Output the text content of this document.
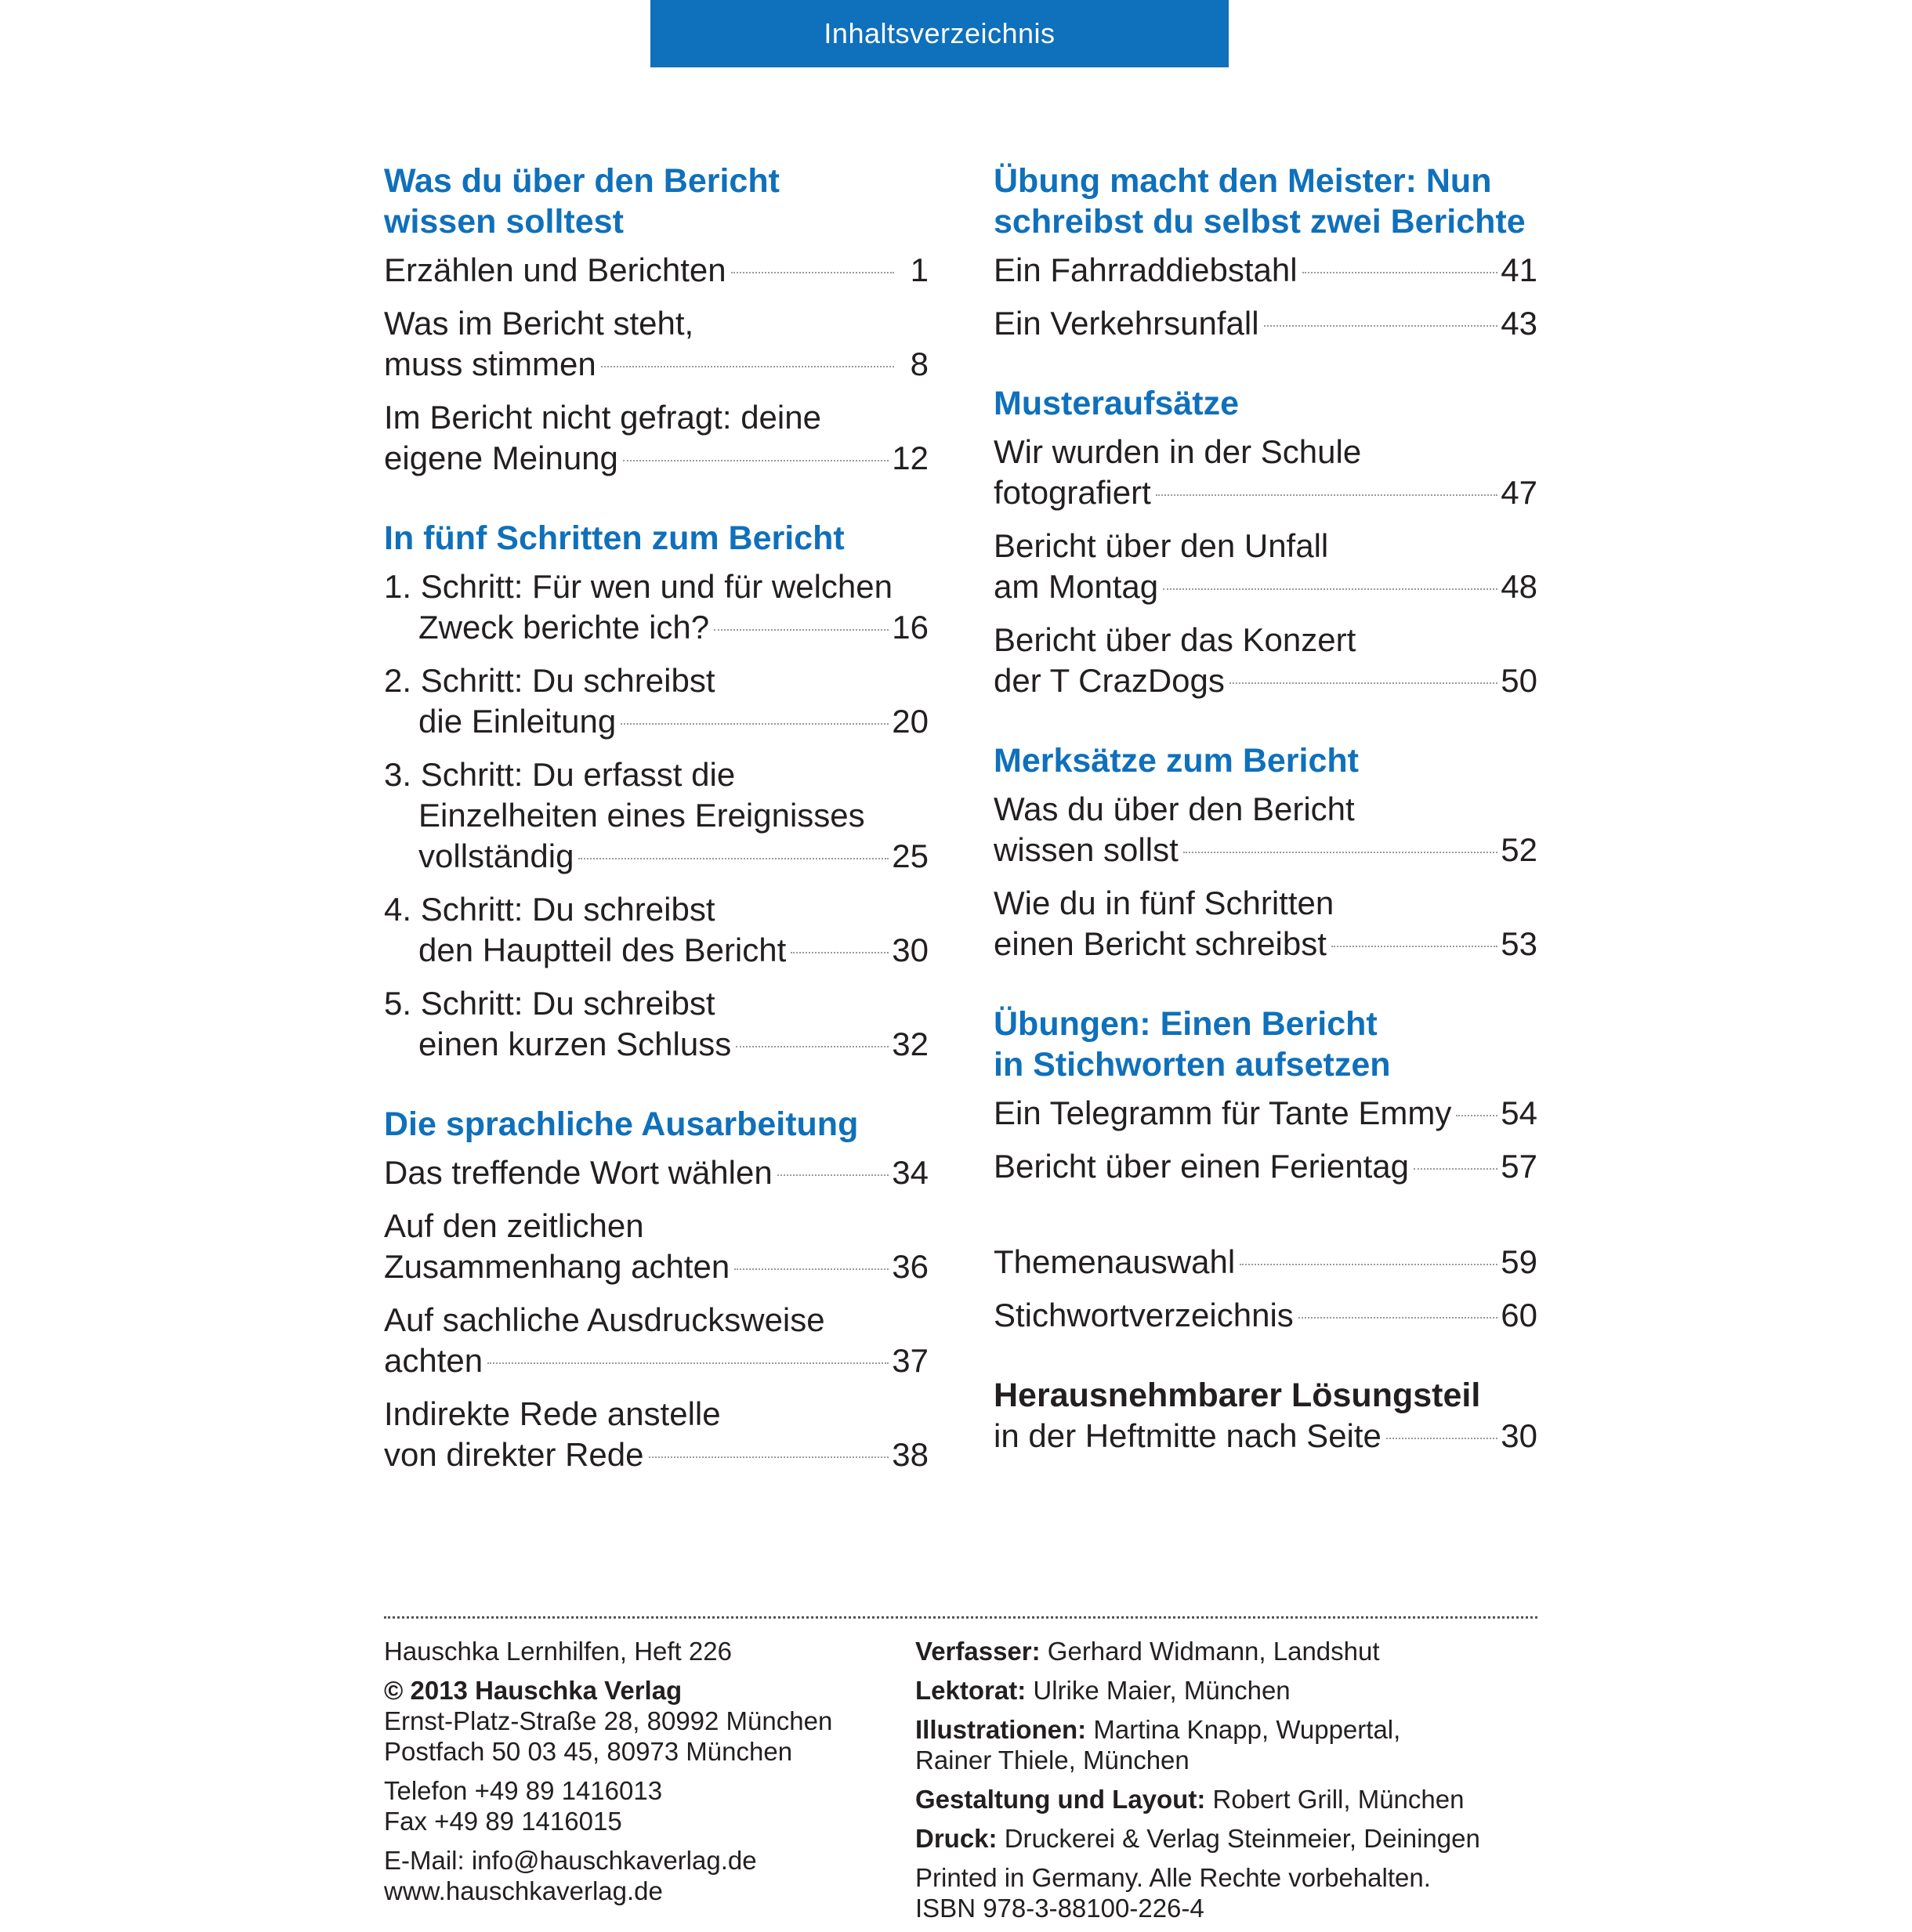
Inhaltsverzeichnis
Was du über den Bericht
wissen solltest
Erzählen und Berichten	1
Was im Bericht steht,
muss stimmen	8
Im Bericht nicht gefragt: deine
eigene Meinung	12
In fünf Schritten zum Bericht
1. Schritt: Für wen und für welchen
Zweck berichte ich?	16
2. Schritt: Du schreibst
die Einleitung	20
3. Schritt: Du erfasst die
Einzelheiten eines Ereignisses
vollständig	25
4. Schritt: Du schreibst
den Hauptteil des Bericht	30
5. Schritt: Du schreibst
einen kurzen Schluss	32
Die sprachliche Ausarbeitung
Das treffende Wort wählen	34
Auf den zeitlichen
Zusammenhang achten	36
Auf sachliche Ausdrucksweise
achten	37
Indirekte Rede anstelle
von direkter Rede	38
Übung macht den Meister: Nun
schreibst du selbst zwei Berichte
Ein Fahrraddiebstahl	41
Ein Verkehrsunfall	43
Musteraufsätze
Wir wurden in der Schule
fotografiert	47
Bericht über den Unfall
am Montag	48
Bericht über das Konzert
der T CrazDogs	50
Merksätze zum Bericht
Was du über den Bericht
wissen sollst	52
Wie du in fünf Schritten
einen Bericht schreibst	53
Übungen: Einen Bericht
in Stichworten aufsetzen
Ein Telegramm für Tante Emmy 54
Bericht über einen Ferientag	57
Themenauswahl	59
Stichwortverzeichnis	60
Herausnehmbarer Lösungsteil
in der Heftmitte nach Seite	30
Hauschka Lernhilfen, Heft 226
© 2013 Hauschka Verlag
Ernst-Platz-Straße 28, 80992 München
Postfach 50 03 45, 80973 München
Telefon +49 89 1416013
Fax +49 89 1416015
E-Mail: info@hauschkaverlag.de
www.hauschkaverlag.de
Verfasser: Gerhard Widmann, Landshut
Lektorat: Ulrike Maier, München
Illustrationen: Martina Knapp, Wuppertal,
Rainer Thiele, München
Gestaltung und Layout: Robert Grill, München
Druck: Druckerei & Verlag Steinmeier, Deiningen
Printed in Germany. Alle Rechte vorbehalten.
ISBN 978-3-88100-226-4
